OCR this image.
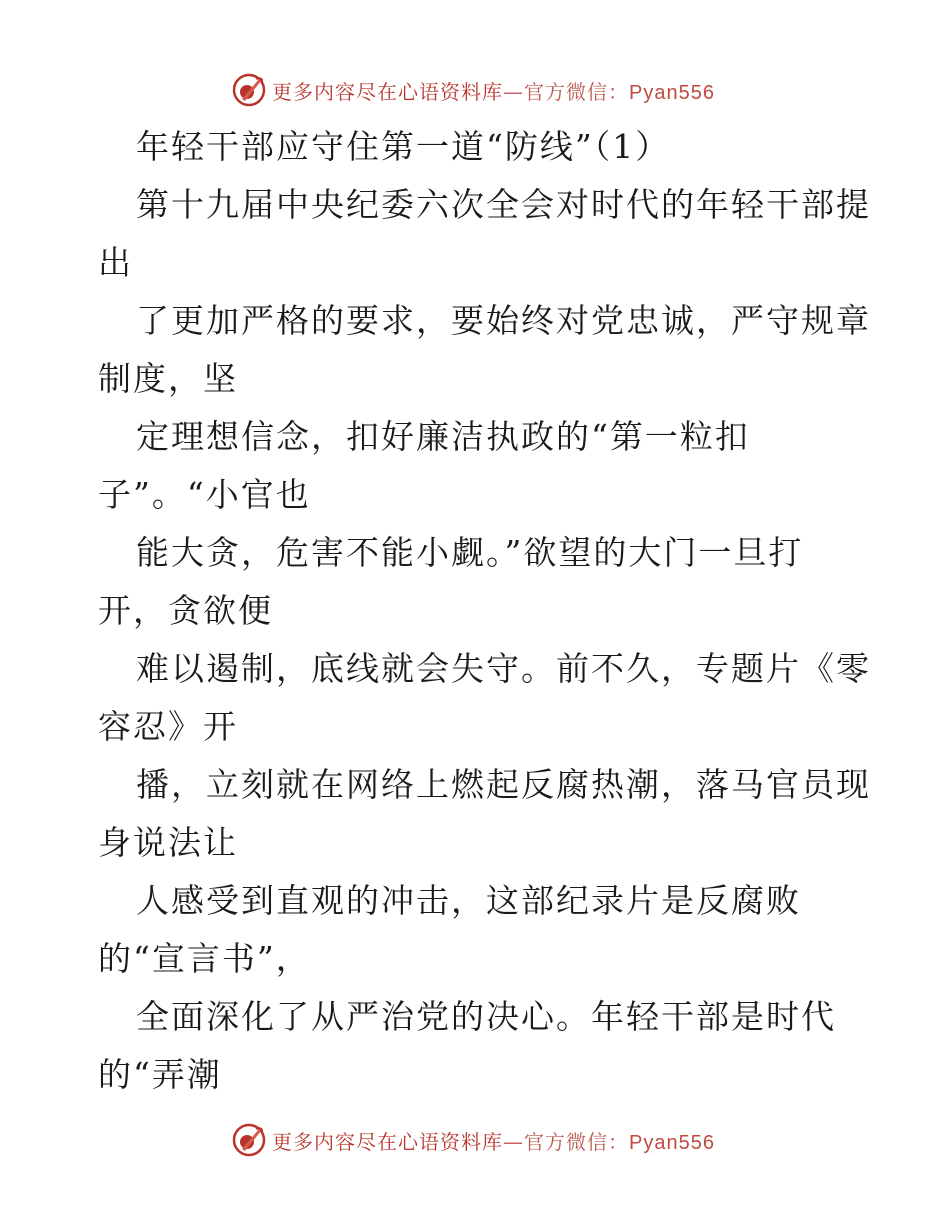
更多内容尽在心语资料库—官方微信：Pyan556
年轻干部应守住第一道“防线”（1）
第十九届中央纪委六次全会对时代的年轻干部提
出
了更加严格的要求，要始终对党忠诚，严守规章
制度，坚
定理想信念，扣好廉洁执政的“第一粒扣
子”。“小官也
能大贪，危害不能小觑。”欲望的大门一旦打
开，贪欲便
难以遏制，底线就会失守。前不久，专题片《零
容忍》开
播，立刻就在网络上燃起反腐热潮，落马官员现
身说法让
人感受到直观的冲击，这部纪录片是反腐败
的“宣言书”，
全面深化了从严治党的决心。年轻干部是时代
的“弄潮
更多内容尽在心语资料库—官方微信：Pyan556
